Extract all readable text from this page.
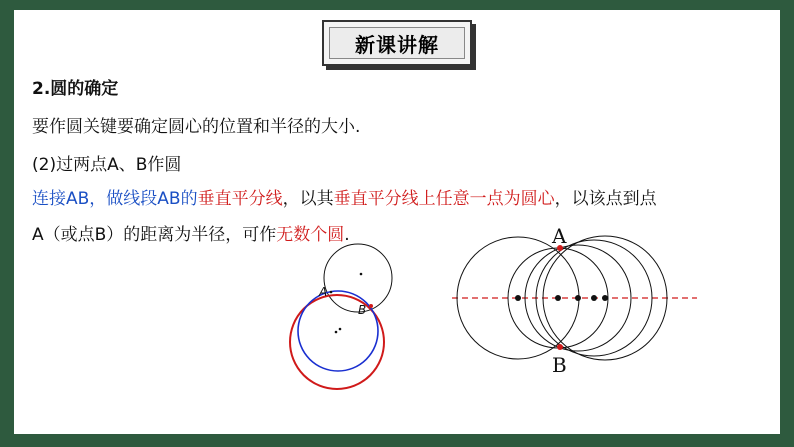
新课讲解
2.圆的确定
要作圆关键要确定圆心的位置和半径的大小.
(2)过两点A、B作圆
连接AB，做线段AB的垂直平分线，以其垂直平分线上任意一点为圆心，以该点到点
A（或点B）的距离为半径，可作无数个圆.
A
B
A
B
